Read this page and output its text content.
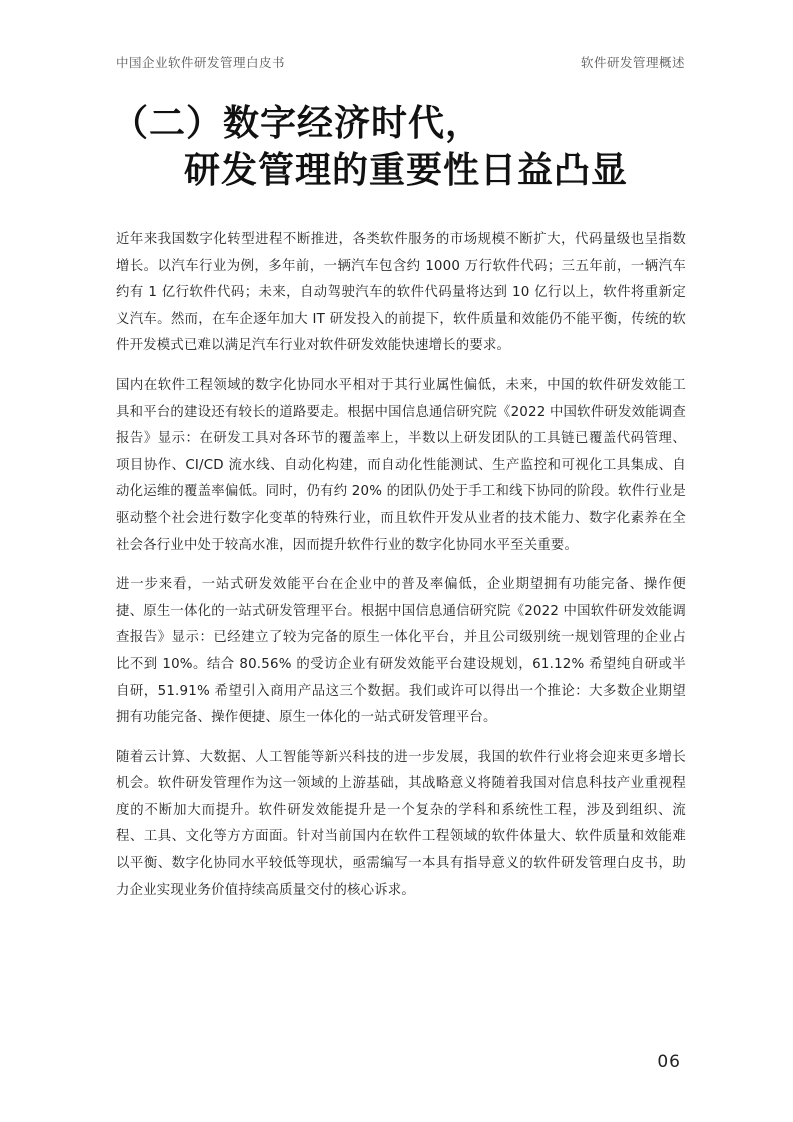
中国企业软件研发管理白皮书	软件研发管理概述
（二）数字经济时代，
研发管理的重要性日益凸显

近年来我国数字化转型进程不断推进，各类软件服务的市场规模不断扩大，代码量级也呈指数增长。以汽车行业为例，多年前，一辆汽车包含约 1000 万行软件代码；三五年前，一辆汽车约有 1 亿行软件代码；未来，自动驾驶汽车的软件代码量将达到 10 亿行以上，软件将重新定义汽车。然而，在车企逐年加大 IT 研发投入的前提下，软件质量和效能仍不能平衡，传统的软件开发模式已难以满足汽车行业对软件研发效能快速增长的要求。

国内在软件工程领域的数字化协同水平相对于其行业属性偏低，未来，中国的软件研发效能工具和平台的建设还有较长的道路要走。根据中国信息通信研究院《2022 中国软件研发效能调查报告》显示：在研发工具对各环节的覆盖率上，半数以上研发团队的工具链已覆盖代码管理、项目协作、CI/CD 流水线、自动化构建，而自动化性能测试、生产监控和可视化工具集成、自动化运维的覆盖率偏低。同时，仍有约 20% 的团队仍处于手工和线下协同的阶段。软件行业是驱动整个社会进行数字化变革的特殊行业，而且软件开发从业者的技术能力、数字化素养在全社会各行业中处于较高水准，因而提升软件行业的数字化协同水平至关重要。

进一步来看，一站式研发效能平台在企业中的普及率偏低，企业期望拥有功能完备、操作便捷、原生一体化的一站式研发管理平台。根据中国信息通信研究院《2022 中国软件研发效能调查报告》显示：已经建立了较为完备的原生一体化平台，并且公司级别统一规划管理的企业占比不到 10%。结合 80.56% 的受访企业有研发效能平台建设规划，61.12% 希望纯自研或半自研，51.91% 希望引入商用产品这三个数据。我们或许可以得出一个推论：大多数企业期望拥有功能完备、操作便捷、原生一体化的一站式研发管理平台。

随着云计算、大数据、人工智能等新兴科技的进一步发展，我国的软件行业将会迎来更多增长机会。软件研发管理作为这一领域的上游基础，其战略意义将随着我国对信息科技产业重视程度的不断加大而提升。软件研发效能提升是一个复杂的学科和系统性工程，涉及到组织、流程、工具、文化等方方面面。针对当前国内在软件工程领域的软件体量大、软件质量和效能难以平衡、数字化协同水平较低等现状，亟需编写一本具有指导意义的软件研发管理白皮书，助力企业实现业务价值持续高质量交付的核心诉求。

06
